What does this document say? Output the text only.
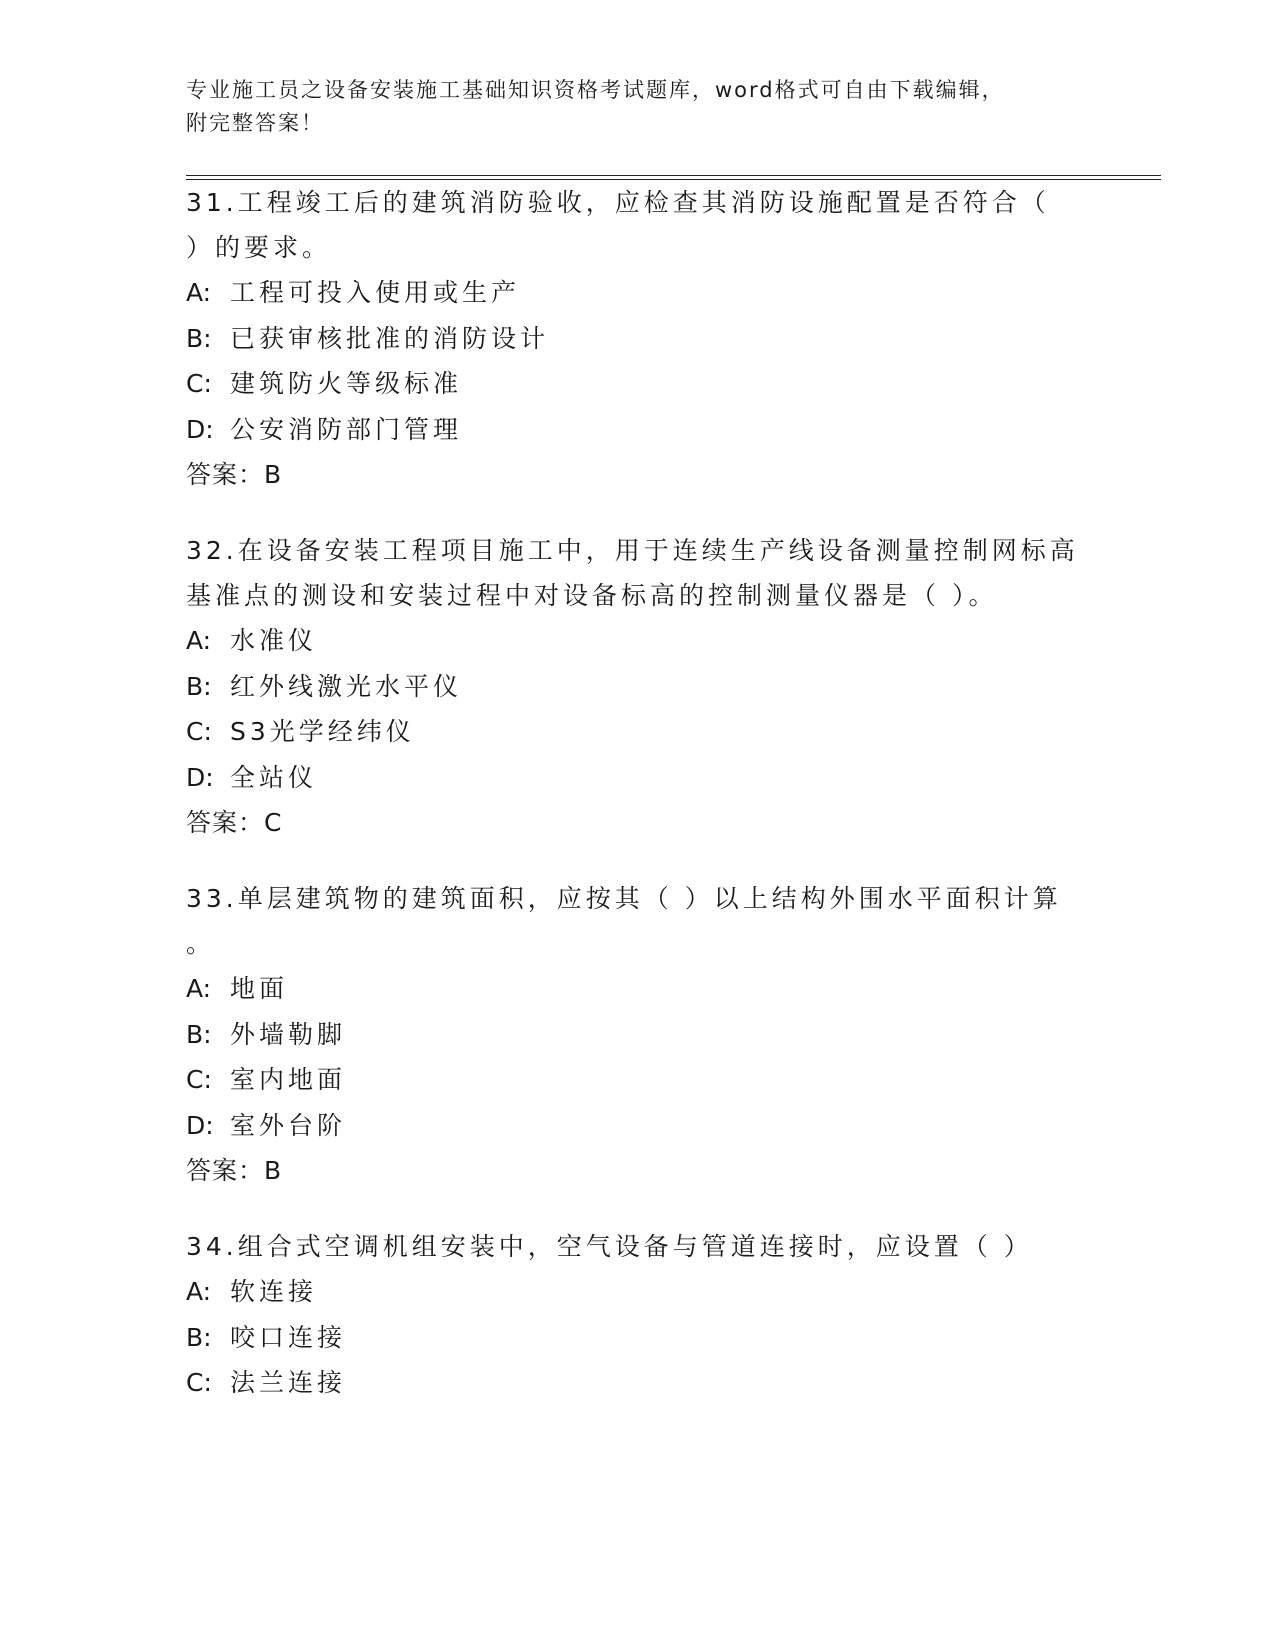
专业施工员之设备安装施工基础知识资格考试题库，word格式可自由下载编辑，
附完整答案！

31.工程竣工后的建筑消防验收，应检查其消防设施配置是否符合（

）的要求。

A: 工程可投入使用或生产

B: 已获审核批准的消防设计

C: 建筑防火等级标准

D: 公安消防部门管理

答案：B

32.在设备安装工程项目施工中，用于连续生产线设备测量控制网标高

基准点的测设和安装过程中对设备标高的控制测量仪器是（ ）。

A: 水准仪

B: 红外线激光水平仪

C: S3光学经纬仪

D: 全站仪

答案：C

33.单层建筑物的建筑面积，应按其（ ）以上结构外围水平面积计算

。

A: 地面

B: 外墙勒脚

C: 室内地面

D: 室外台阶

答案：B

34.组合式空调机组安装中，空气设备与管道连接时，应设置（ ）

A: 软连接

B: 咬口连接

C: 法兰连接
